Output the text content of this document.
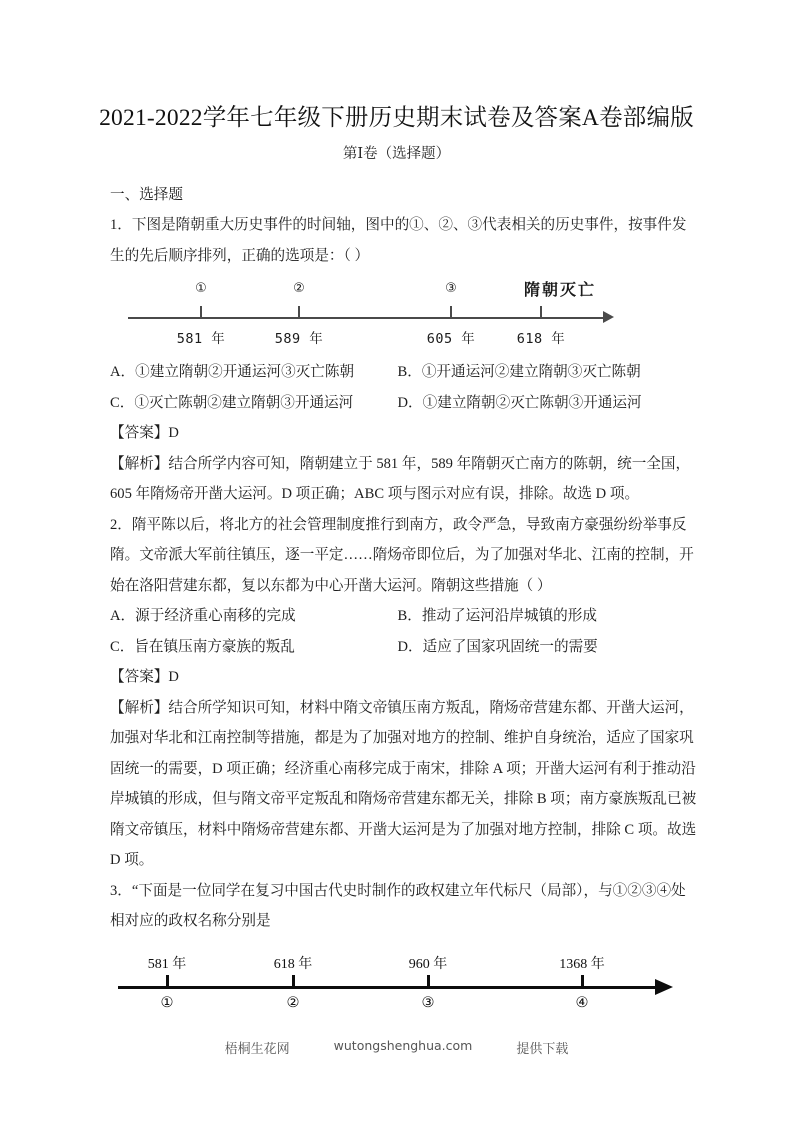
2021-2022学年七年级下册历史期末试卷及答案A卷部编版
第Ⅰ卷（选择题）
一、选择题
1．下图是隋朝重大历史事件的时间轴，图中的①、②、③代表相关的历史事件，按事件发
生的先后顺序排列，正确的选项是：（ ）
①	②	③	隋朝灭亡
581 年	589 年	605 年	618 年
A．①建立隋朝②开通运河③灭亡陈朝	B．①开通运河②建立隋朝③灭亡陈朝
C．①灭亡陈朝②建立隋朝③开通运河	D．①建立隋朝②灭亡陈朝③开通运河
【答案】D
【解析】结合所学内容可知，隋朝建立于 581 年，589 年隋朝灭亡南方的陈朝，统一全国，
605 年隋炀帝开凿大运河。D 项正确；ABC 项与图示对应有误，排除。故选 D 项。
2．隋平陈以后，将北方的社会管理制度推行到南方，政令严急，导致南方豪强纷纷举事反
隋。文帝派大军前往镇压，逐一平定……隋炀帝即位后，为了加强对华北、江南的控制，开
始在洛阳营建东都，复以东都为中心开凿大运河。隋朝这些措施（ ）
A．源于经济重心南移的完成	B．推动了运河沿岸城镇的形成
C．旨在镇压南方豪族的叛乱	D．适应了国家巩固统一的需要
【答案】D
【解析】结合所学知识可知，材料中隋文帝镇压南方叛乱，隋炀帝营建东都、开凿大运河，
加强对华北和江南控制等措施，都是为了加强对地方的控制、维护自身统治，适应了国家巩
固统一的需要，D 项正确；经济重心南移完成于南宋，排除 A 项；开凿大运河有利于推动沿
岸城镇的形成，但与隋文帝平定叛乱和隋炀帝营建东都无关，排除 B 项；南方豪族叛乱已被
隋文帝镇压，材料中隋炀帝营建东都、开凿大运河是为了加强对地方控制，排除 C 项。故选
D 项。
3．“下面是一位同学在复习中国古代史时制作的政权建立年代标尺（局部），与①②③④处
相对应的政权名称分别是
581 年	618 年	960 年	1368 年
①	②	③	④
梧桐生花网	wutongshenghua.com	提供下载
